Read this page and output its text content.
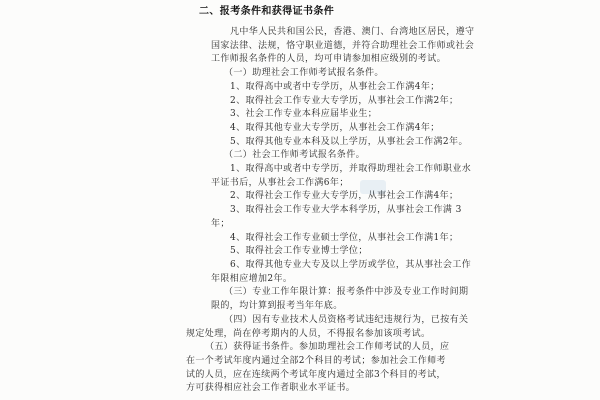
二、报考条件和获得证书条件
凡中华人民共和国公民，香港、澳门、台湾地区居民，遵守
国家法律、法规，恪守职业道德，并符合助理社会工作师或社会
工作师报名条件的人员，均可申请参加相应级别的考试。
（一）助理社会工作师考试报名条件。
1、取得高中或者中专学历，从事社会工作满4年；
2、取得社会工作专业大专学历，从事社会工作满2年；
3、社会工作专业本科应届毕业生；
4、取得其他专业大专学历，从事社会工作满4年；
5、取得其他专业本科及以上学历，从事社会工作满2年。
（二）社会工作师考试报名条件。
1、取得高中或者中专学历，并取得助理社会工作师职业水
平证书后，从事社会工作满6年；
2、取得社会工作专业大专学历，从事社会工作满4年；
3、取得社会工作专业大学本科学历，从事社会工作满 3
年；
4、取得社会工作专业硕士学位，从事社会工作满1年；
5、取得社会工作专业博士学位；
6、取得其他专业大专及以上学历或学位，其从事社会工作
年限相应增加2年。
（三）专业工作年限计算：报考条件中涉及专业工作时间期
限的，均计算到报考当年年底。
（四）因有专业技术人员资格考试违纪违规行为，已按有关
规定处理，尚在停考期内的人员，不得报名参加该项考试。
（五）获得证书条件。参加助理社会工作师考试的人员，应
在一个考试年度内通过全部2个科目的考试；参加社会工作师考
试的人员，应在连续两个考试年度内通过全部3个科目的考试，
方可获得相应社会工作者职业水平证书。
